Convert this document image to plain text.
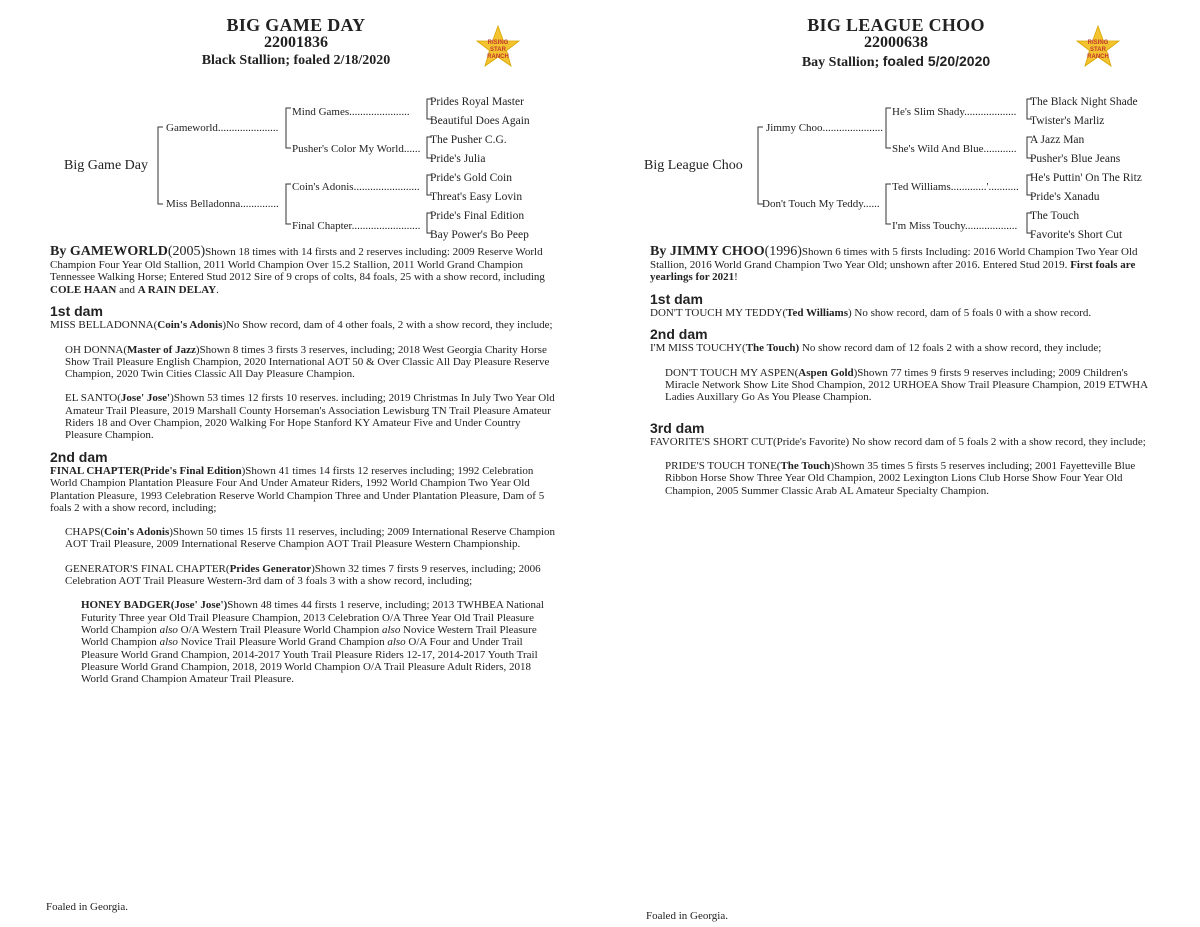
BIG GAME DAY
22001836
Black Stallion; foaled 2/18/2020
RISING
STAR
RANCH
Big Game Day
Gameworld......................
Miss Belladonna..............
Mind Games......................
Pusher's Color My World......
Coin's Adonis........................
Final Chapter.........................
Prides Royal Master
Beautiful Does Again
The Pusher C.G.
Pride's Julia
Pride's Gold Coin
Threat's Easy Lovin
Pride's Final Edition
Bay Power's Bo Peep

By GAMEWORLD(2005)Shown 18 times with 14 firsts and 2 reserves including: 2009 Reserve World Champion Four Year Old Stallion, 2011 World Champion Over 15.2 Stallion, 2011 World Grand Champion Tennessee Walking Horse; Entered Stud 2012 Sire of 9 crops of colts, 84 foals, 25 with a show record, including COLE HAAN and A RAIN DELAY.

1st dam

MISS BELLADONNA(Coin's Adonis)No Show record, dam of 4 other foals, 2 with a show record, they include;

OH DONNA(Master of Jazz)Shown 8 times 3 firsts 3 reserves, including; 2018 West Georgia Charity Horse Show Trail Pleasure English Champion, 2020 International AOT 50 & Over Classic All Day Pleasure Reserve Champion, 2020 Twin Cities Classic All Day Pleasure Champion.

EL SANTO(Jose' Jose')Shown 53 times 12 firsts 10 reserves. including; 2019 Christmas In July Two Year Old Amateur Trail Pleasure, 2019 Marshall County Horseman's Association Lewisburg TN Trail Pleasure Amateur Riders 18 and Over Champion, 2020 Walking For Hope Stanford KY Amateur Five and Under Country Pleasure Champion.

2nd dam

FINAL CHAPTER(Pride's Final Edition)Shown 41 times 14 firsts 12 reserves including; 1992 Celebration World Champion Plantation Pleasure Four And Under Amateur Riders, 1992 World Champion Two Year Old Plantation Pleasure, 1993 Celebration Reserve World Champion Three and Under Plantation Pleasure, Dam of 5 foals 2 with a show record, including;

CHAPS(Coin's Adonis)Shown 50 times 15 firsts 11 reserves, including; 2009 International Reserve Champion AOT Trail Pleasure, 2009 International Reserve Champion AOT Trail Pleasure Western Championship.

GENERATOR'S FINAL CHAPTER(Prides Generator)Shown 32 times 7 firsts 9 reserves, including; 2006 Celebration AOT Trail Pleasure Western-3rd dam of 3 foals 3 with a show record, including;

HONEY BADGER(Jose' Jose')Shown 48 times 44 firsts 1 reserve, including; 2013 TWHBEA National Futurity Three year Old Trail Pleasure Champion, 2013 Celebration O/A Three Year Old Trail Pleasure World Champion also O/A Western Trail Pleasure World Champion also Novice Western Trail Pleasure World Champion also Novice Trail Pleasure World Grand Champion also O/A Four and Under Trail Pleasure World Grand Champion, 2014-2017 Youth Trail Pleasure Riders 12-17, 2014-2017 Youth Trail Pleasure World Grand Champion, 2018, 2019 World Champion O/A Trail Pleasure Adult Riders, 2018 World Grand Champion Amateur Trail Pleasure.

Foaled in Georgia.
BIG LEAGUE CHOO
22000638
Bay Stallion; foaled 5/20/2020
RISING
STAR
RANCH
Big League Choo
Jimmy Choo......................
Don't Touch My Teddy......
He's Slim Shady...................
She's Wild And Blue............
Ted Williams.............'...........
I'm Miss Touchy...................
The Black Night Shade
Twister's Marliz
A Jazz Man
Pusher's Blue Jeans
He's Puttin' On The Ritz
Pride's Xanadu
The Touch
Favorite's Short Cut

By JIMMY CHOO(1996)Shown 6 times with 5 firsts Including: 2016 World Champion Two Year Old Stallion, 2016 World Grand Champion Two Year Old; unshown after 2016. Entered Stud 2019. First foals are yearlings for 2021!

1st dam

DON'T TOUCH MY TEDDY(Ted Williams) No show record, dam of 5 foals 0 with a show record.

2nd dam

I'M MISS TOUCHY(The Touch) No show record dam of 12 foals 2 with a show record, they include;

DON'T TOUCH MY ASPEN(Aspen Gold)Shown 77 times 9 firsts 9 reserves including; 2009 Children's Miracle Network Show Lite Shod Champion, 2012 URHOEA Show Trail Pleasure Champion, 2019 ETWHA Ladies Auxillary Go As You Please Champion.

3rd dam

FAVORITE'S SHORT CUT(Pride's Favorite) No show record dam of 5 foals 2 with a show record, they include;

PRIDE'S TOUCH TONE(The Touch)Shown 35 times 5 firsts 5 reserves including; 2001 Fayetteville Blue Ribbon Horse Show Three Year Old Champion, 2002 Lexington Lions Club Horse Show Four Year Old Champion, 2005 Summer Classic Arab AL Amateur Specialty Champion.

Foaled in Georgia.
